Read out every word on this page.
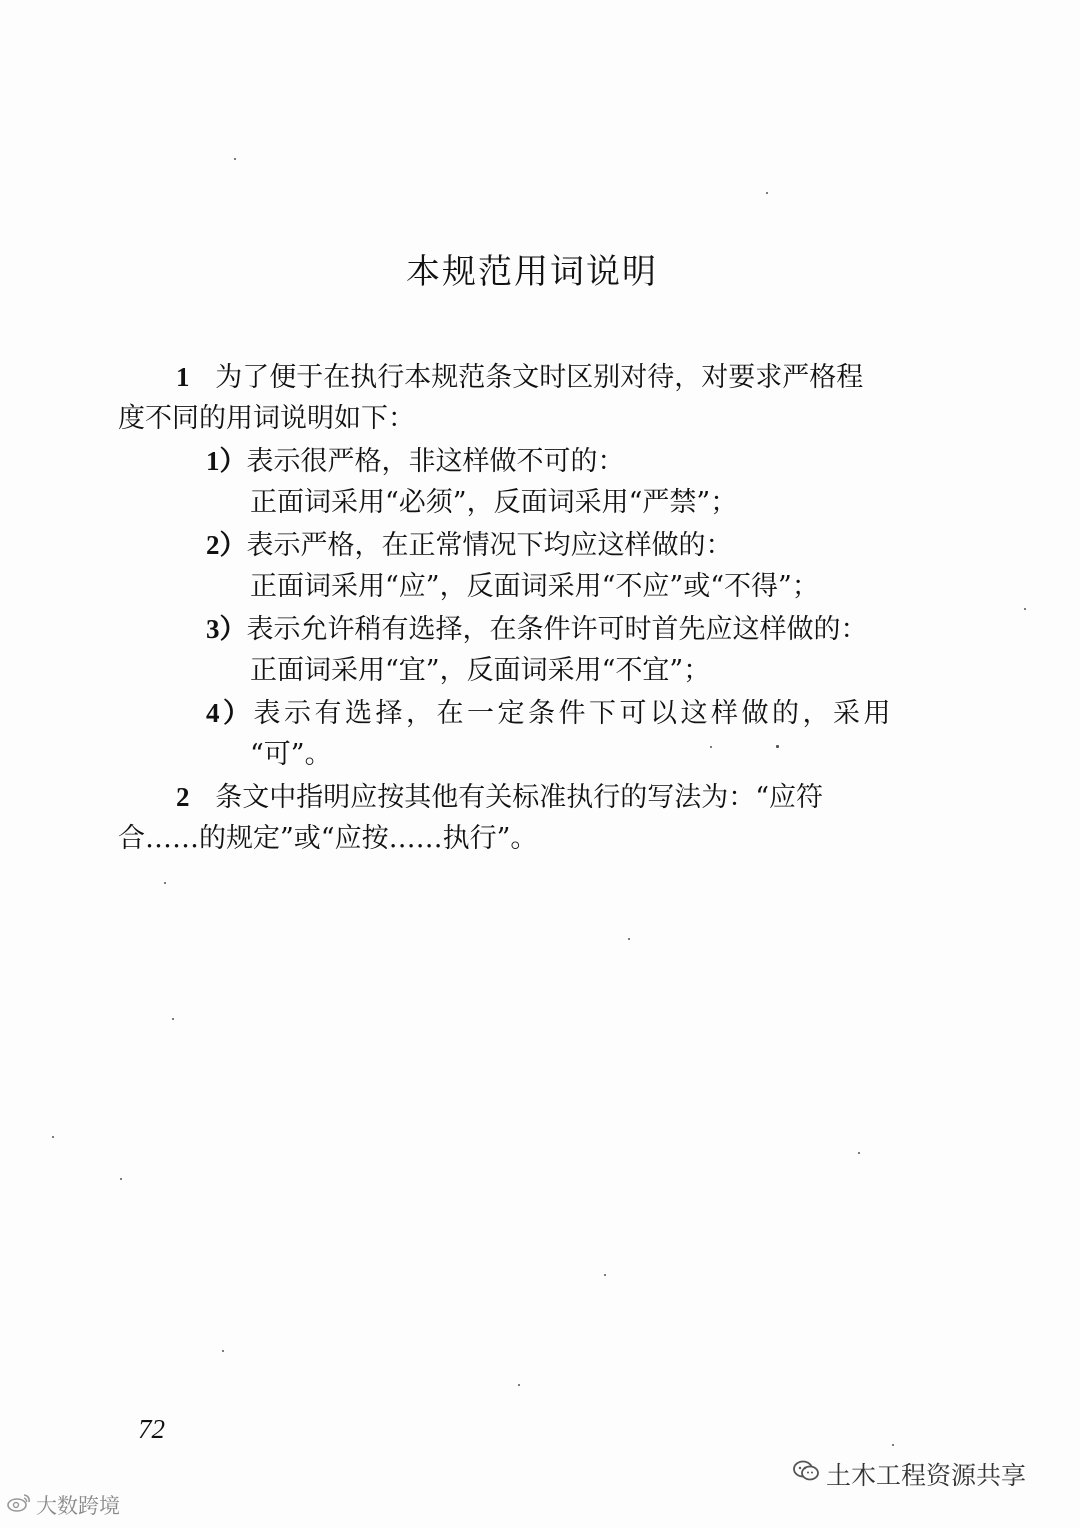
本规范用词说明
1 为了便于在执行本规范条文时区别对待，对要求严格程
度不同的用词说明如下：
1）表示很严格，非这样做不可的：
正面词采用“必须”，反面词采用“严禁”；
2）表示严格，在正常情况下均应这样做的：
正面词采用“应”，反面词采用“不应”或“不得”；
3）表示允许稍有选择，在条件许可时首先应这样做的：
正面词采用“宜”，反面词采用“不宜”；
4）表示有选择，在一定条件下可以这样做的，采用
“可”。
2 条文中指明应按其他有关标准执行的写法为：“应符
合……的规定”或“应按……执行”。
72
土木工程资源共享
大数跨境
